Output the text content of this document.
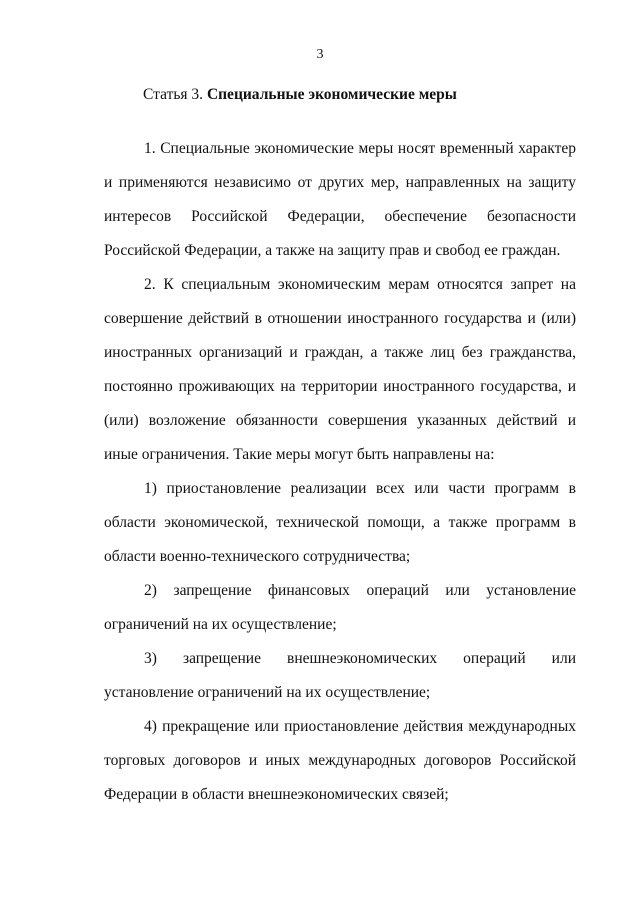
3
Статья 3. Специальные экономические меры

1. Специальные экономические меры носят временный характер и применяются независимо от других мер, направленных на защиту интересов Российской Федерации, обеспечение безопасности Российской Федерации, а также на защиту прав и свобод ее граждан.

2. К специальным экономическим мерам относятся запрет на совершение действий в отношении иностранного государства и (или) иностранных организаций и граждан, а также лиц без гражданства, постоянно проживающих на территории иностранного государства, и (или) возложение обязанности совершения указанных действий и иные ограничения. Такие меры могут быть направлены на:

1) приостановление реализации всех или части программ в области экономической, технической помощи, а также программ в области военно-технического сотрудничества;

2) запрещение финансовых операций или установление ограничений на их осуществление;

3) запрещение внешнеэкономических операций или установление ограничений на их осуществление;

4) прекращение или приостановление действия международных торговых договоров и иных международных договоров Российской Федерации в области внешнеэкономических связей;
